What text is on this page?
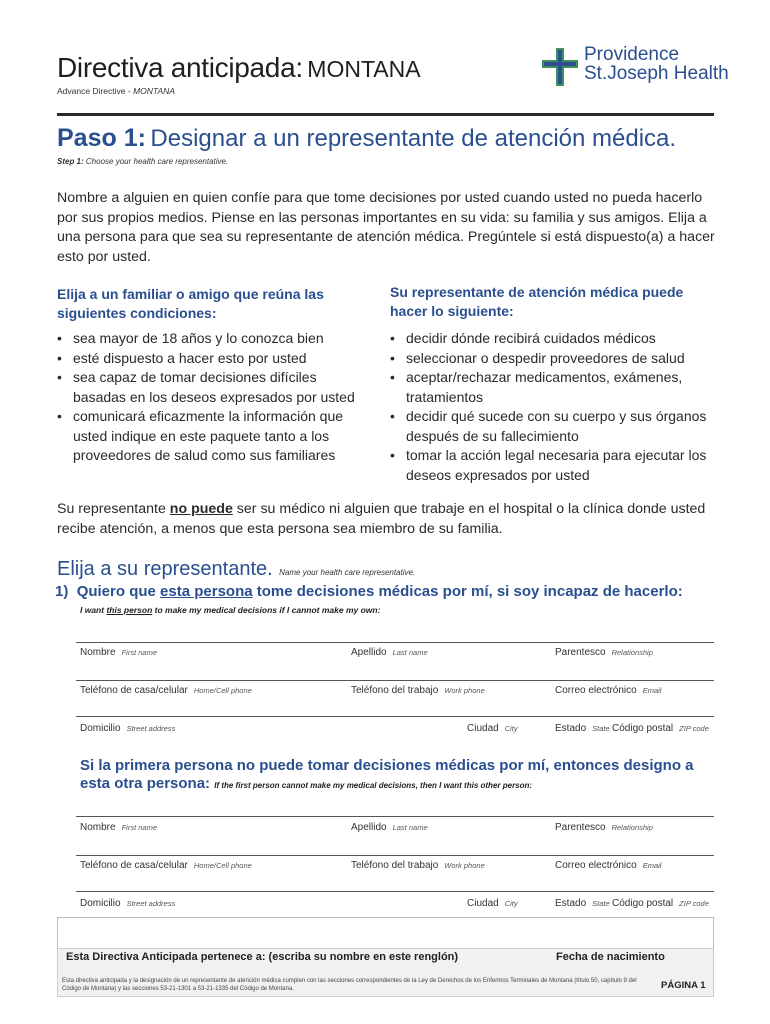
Directiva anticipada: MONTANA
Advance Directive - MONTANA
Providence
St.Joseph Health
Paso 1: Designar a un representante de atención médica.
Step 1: Choose your health care representative.
Nombre a alguien en quien confíe para que tome decisiones por usted cuando usted no pueda hacerlo por sus propios medios. Piense en las personas importantes en su vida: su familia y sus amigos. Elija a una persona para que sea su representante de atención médica. Pregúntele si está dispuesto(a) a hacer esto por usted.
Elija a un familiar o amigo que reúna las siguientes condiciones:
Su representante de atención médica puede hacer lo siguiente:
• sea mayor de 18 años y lo conozca bien
• esté dispuesto a hacer esto por usted
• sea capaz de tomar decisiones difíciles basadas en los deseos expresados por usted
• comunicará eficazmente la información que usted indique en este paquete tanto a los proveedores de salud como sus familiares
• decidir dónde recibirá cuidados médicos
• seleccionar o despedir proveedores de salud
• aceptar/rechazar medicamentos, exámenes, tratamientos
• decidir qué sucede con su cuerpo y sus órganos después de su fallecimiento
• tomar la acción legal necesaria para ejecutar los deseos expresados por usted
Su representante no puede ser su médico ni alguien que trabaje en el hospital o la clínica donde usted recibe atención, a menos que esta persona sea miembro de su familia.
Elija a su representante. Name your health care representative.
1) Quiero que esta persona tome decisiones médicas por mí, si soy incapaz de hacerlo:
I want this person to make my medical decisions if I cannot make my own:
Nombre First name	Apellido Last name	Parentesco Relationship
Teléfono de casa/celular Home/Cell phone	Teléfono del trabajo Work phone	Correo electrónico Email
Domicilio Street address	Ciudad City	Estado State Código postal ZIP code
Si la primera persona no puede tomar decisiones médicas por mí, entonces designo a esta otra persona: If the first person cannot make my medical decisions, then I want this other person:
Nombre First name	Apellido Last name	Parentesco Relationship
Teléfono de casa/celular Home/Cell phone	Teléfono del trabajo Work phone	Correo electrónico Email
Domicilio Street address	Ciudad City	Estado State Código postal ZIP code
Esta Directiva Anticipada pertenece a: (escriba su nombre en este renglón)	Fecha de nacimiento
Esta directiva anticipada y la designación de un representante de atención médica cumplen con las secciones correspondientes de la Ley de Derechos de los Enfermos Terminales de Montana (título 50, capítulo 9 del Código de Montana) y las secciones 53-21-1301 a 53-21-1335 del Código de Montana.	PÁGINA 1
